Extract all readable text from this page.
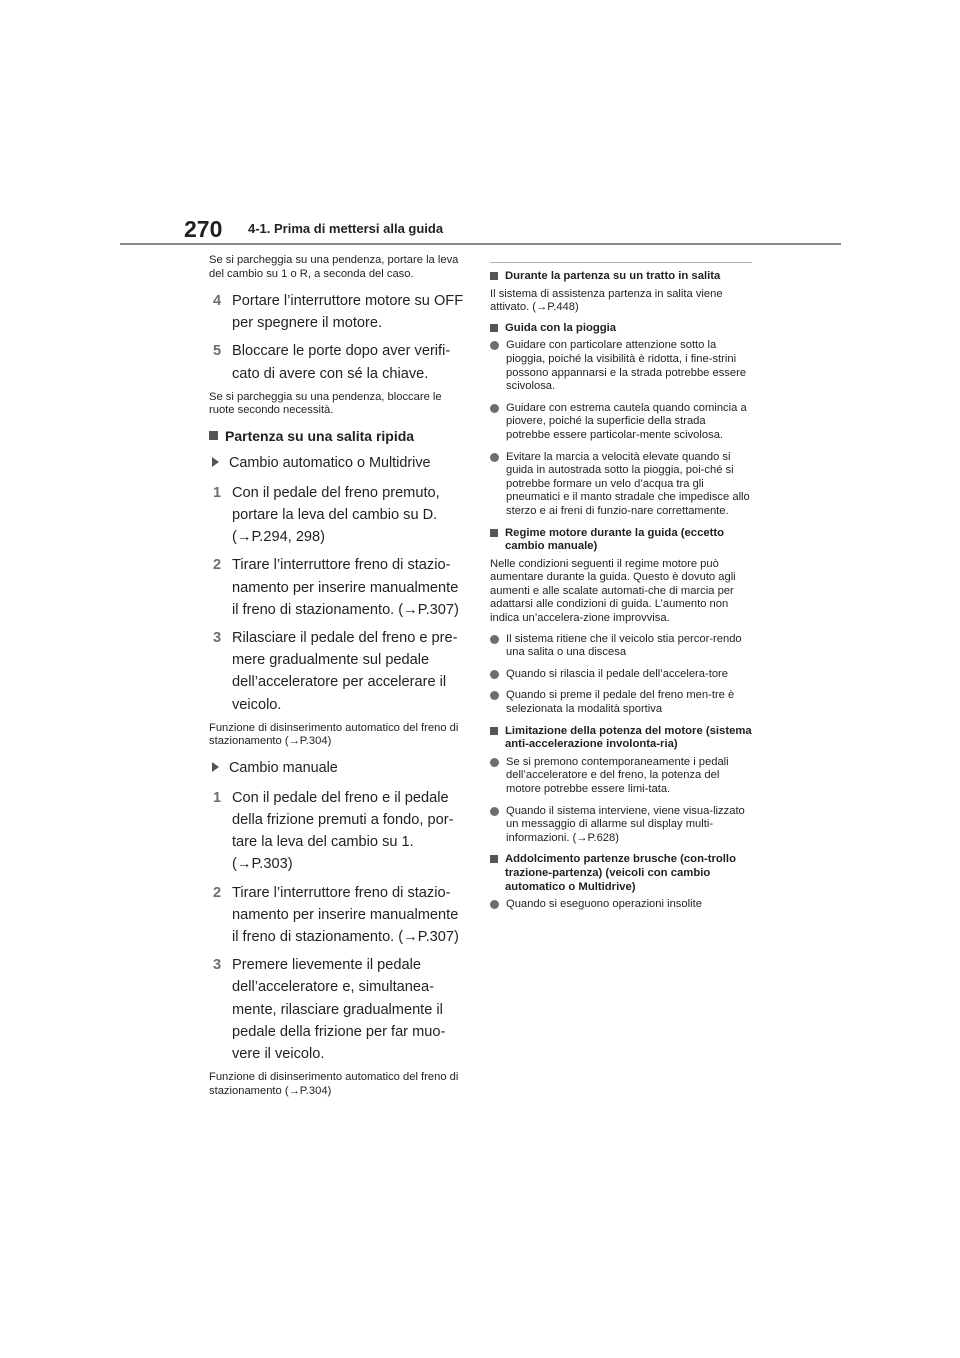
270 4-1. Prima di mettersi alla guida

Se si parcheggia su una pendenza, portare la leva del cambio su 1 o R, a seconda del caso.

4 Portare l’interruttore motore su OFF per spegnere il motore.
5 Bloccare le porte dopo aver verifi-cato di avere con sé la chiave.

Se si parcheggia su una pendenza, bloccare le ruote secondo necessità.

Partenza su una salita ripida
Cambio automatico o Multidrive
1 Con il pedale del freno premuto, portare la leva del cambio su D. (→P.294, 298)
2 Tirare l’interruttore freno di stazio-namento per inserire manualmente il freno di stazionamento. (→P.307)
3 Rilasciare il pedale del freno e pre-mere gradualmente sul pedale dell’acceleratore per accelerare il veicolo.

Funzione di disinserimento automatico del freno di stazionamento (→P.304)

Cambio manuale
1 Con il pedale del freno e il pedale della frizione premuti a fondo, por-tare la leva del cambio su 1. (→P.303)
2 Tirare l’interruttore freno di stazio-namento per inserire manualmente il freno di stazionamento. (→P.307)
3 Premere lievemente il pedale dell’acceleratore e, simultanea-mente, rilasciare gradualmente il pedale della frizione per far muo-vere il veicolo.

Funzione di disinserimento automatico del freno di stazionamento (→P.304)

Durante la partenza su un tratto in salita

Il sistema di assistenza partenza in salita viene attivato. (→P.448)

Guida con la pioggia
Guidare con particolare attenzione sotto la pioggia, poiché la visibilità è ridotta, i fine-strini possono appannarsi e la strada potrebbe essere scivolosa.
Guidare con estrema cautela quando comincia a piovere, poiché la superficie della strada potrebbe essere particolar-mente scivolosa.
Evitare la marcia a velocità elevate quando si guida in autostrada sotto la pioggia, poi-ché si potrebbe formare un velo d’acqua tra gli pneumatici e il manto stradale che impedisce allo sterzo e ai freni di funzio-nare correttamente.
Regime motore durante la guida (eccetto cambio manuale)

Nelle condizioni seguenti il regime motore può aumentare durante la guida. Questo è dovuto agli aumenti e alle scalate automati-che di marcia per adattarsi alle condizioni di guida. L’aumento non indica un’accelera-zione improvvisa.

Il sistema ritiene che il veicolo stia percor-rendo una salita o una discesa
Quando si rilascia il pedale dell’accelera-tore
Quando si preme il pedale del freno men-tre è selezionata la modalità sportiva
Limitazione della potenza del motore (sistema anti-accelerazione involonta-ria)
Se si premono contemporaneamente i pedali dell’acceleratore e del freno, la potenza del motore potrebbe essere limi-tata.
Quando il sistema interviene, viene visua-lizzato un messaggio di allarme sul display multi-informazioni. (→P.628)
Addolcimento partenze brusche (con-trollo trazione-partenza) (veicoli con cambio automatico o Multidrive)
Quando si eseguono operazioni insolite
